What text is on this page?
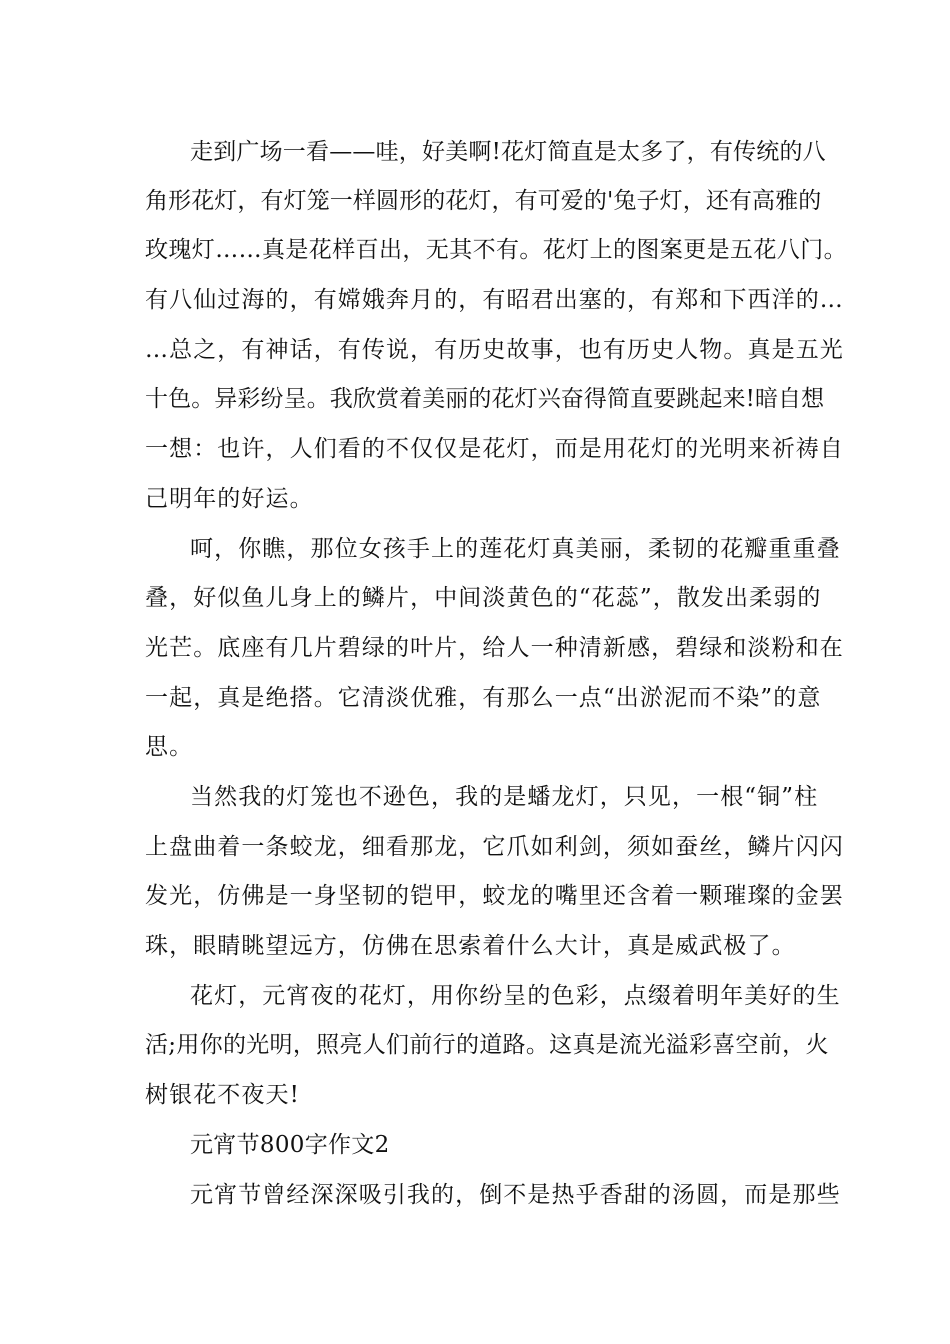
走到广场一看——哇，好美啊!花灯简直是太多了，有传统的八
角形花灯，有灯笼一样圆形的花灯，有可爱的'兔子灯，还有高雅的
玫瑰灯……真是花样百出，无其不有。花灯上的图案更是五花八门。
有八仙过海的，有嫦娥奔月的，有昭君出塞的，有郑和下西洋的…
…总之，有神话，有传说，有历史故事，也有历史人物。真是五光
十色。异彩纷呈。我欣赏着美丽的花灯兴奋得简直要跳起来!暗自想
一想：也许，人们看的不仅仅是花灯，而是用花灯的光明来祈祷自
己明年的好运。
呵，你瞧，那位女孩手上的莲花灯真美丽，柔韧的花瓣重重叠
叠，好似鱼儿身上的鳞片，中间淡黄色的“花蕊”，散发出柔弱的
光芒。底座有几片碧绿的叶片，给人一种清新感，碧绿和淡粉和在
一起，真是绝搭。它清淡优雅，有那么一点“出淤泥而不染”的意
思。
当然我的灯笼也不逊色，我的是蟠龙灯，只见，一根“铜”柱
上盘曲着一条蛟龙，细看那龙，它爪如利剑，须如蚕丝，鳞片闪闪
发光，仿佛是一身坚韧的铠甲，蛟龙的嘴里还含着一颗璀璨的金罢
珠，眼睛眺望远方，仿佛在思索着什么大计，真是威武极了。
花灯，元宵夜的花灯，用你纷呈的色彩，点缀着明年美好的生
活;用你的光明，照亮人们前行的道路。这真是流光溢彩喜空前，火
树银花不夜天!
元宵节800字作文2
元宵节曾经深深吸引我的，倒不是热乎香甜的汤圆，而是那些
